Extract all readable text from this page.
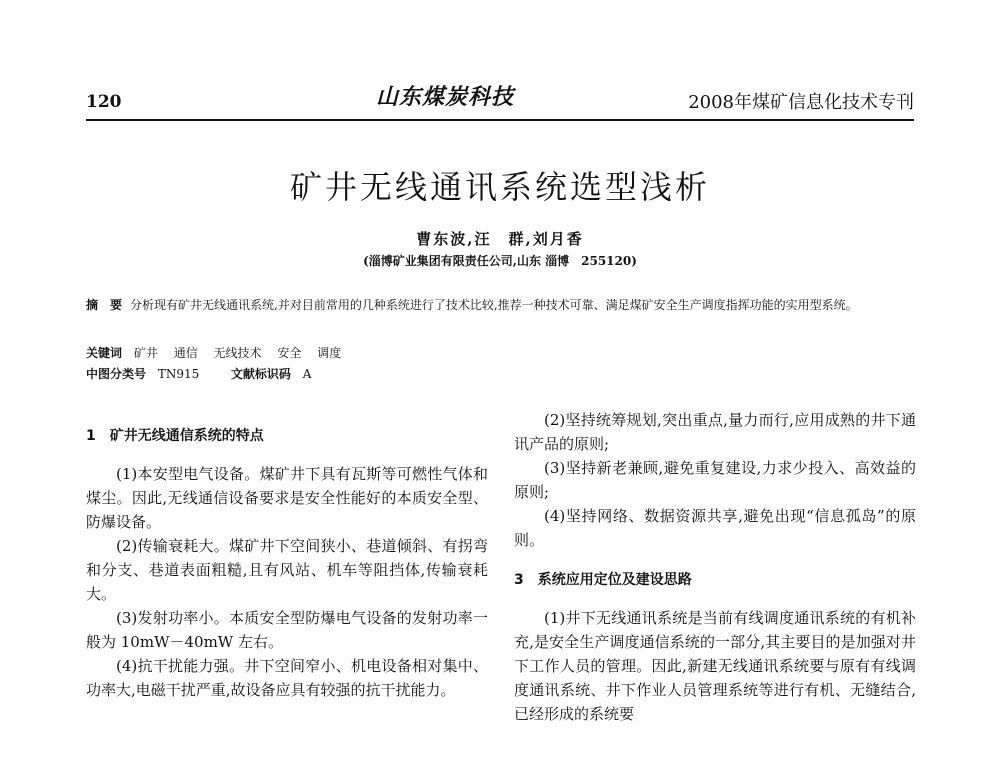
120	山东煤炭科技	2008年煤矿信息化技术专刊
矿井无线通讯系统选型浅析
曹东波,汪　群,刘月香
(淄博矿业集团有限责任公司,山东 淄博　255120)
摘　要 分析现有矿井无线通讯系统,并对目前常用的几种系统进行了技术比较,推荐一种技术可靠、满足煤矿安全生产调度指挥功能的实用型系统。
关键词 矿井 通信 无线技术 安全 调度
中图分类号 TN915	文献标识码 A
1　矿井无线通信系统的特点

(1)本安型电气设备。煤矿井下具有瓦斯等可燃性气体和煤尘。因此,无线通信设备要求是安全性能好的本质安全型、防爆设备。

(2)传输衰耗大。煤矿井下空间狭小、巷道倾斜、有拐弯和分支、巷道表面粗糙,且有风站、机车等阻挡体,传输衰耗大。

(3)发射功率小。本质安全型防爆电气设备的发射功率一般为 10mW－40mW 左右。

(4)抗干扰能力强。井下空间窄小、机电设备相对集中、功率大,电磁干扰严重,故设备应具有较强的抗干扰能力。

(2)坚持统筹规划,突出重点,量力而行,应用成熟的井下通讯产品的原则;

(3)坚持新老兼顾,避免重复建设,力求少投入、高效益的原则;

(4)坚持网络、数据资源共享,避免出现“信息孤岛”的原则。

3　系统应用定位及建设思路

(1)井下无线通讯系统是当前有线调度通讯系统的有机补充,是安全生产调度通信系统的一部分,其主要目的是加强对井下工作人员的管理。因此,新建无线通讯系统要与原有有线调度通讯系统、井下作业人员管理系统等进行有机、无缝结合,已经形成的系统要
